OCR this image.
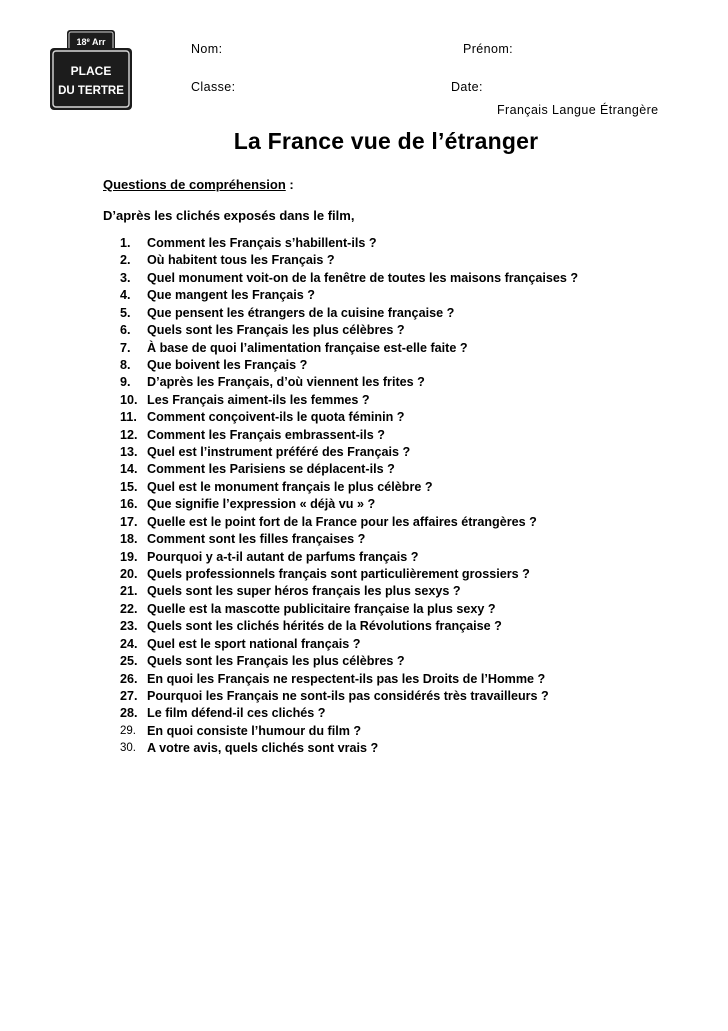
18e Arr
PLACE
DU TERTRE
Nom:	Prénom:
Classe:	Date:
Français Langue Étrangère
La France vue de l’étranger
Questions de compréhension :
D’après les clichés exposés dans le film,
1.	Comment les Français s’habillent-ils ?
2.	Où habitent tous les Français ?
3.	Quel monument voit-on de la fenêtre de toutes les maisons françaises ?
4.	Que mangent les Français ?
5.	Que pensent les étrangers de la cuisine française ?
6.	Quels sont les Français les plus célèbres ?
7.	À base de quoi l’alimentation française est-elle faite ?
8.	Que boivent les Français ?
9.	D’après les Français, d’où viennent les frites ?
10. Les Français aiment-ils les femmes ?
11. Comment conçoivent-ils le quota féminin ?
12. Comment les Français embrassent-ils ?
13. Quel est l’instrument préféré des Français ?
14. Comment les Parisiens se déplacent-ils ?
15. Quel est le monument français le plus célèbre ?
16. Que signifie l’expression « déjà vu » ?
17. Quelle est le point fort de la France pour les affaires étrangères ?
18. Comment sont les filles françaises ?
19. Pourquoi y a-t-il autant de parfums français ?
20. Quels professionnels français sont particulièrement grossiers ?
21. Quels sont les super héros français les plus sexys ?
22. Quelle est la mascotte publicitaire française la plus sexy ?
23. Quels sont les clichés hérités de la Révolutions française ?
24. Quel est le sport national français ?
25. Quels sont les Français les plus célèbres ?
26. En quoi les Français ne respectent-ils pas les Droits de l’Homme ?
27. Pourquoi les Français ne sont-ils pas considérés très travailleurs ?
28. Le film défend-il ces clichés ?
29. En quoi consiste l’humour du film ?
30. A votre avis, quels clichés sont vrais ?
